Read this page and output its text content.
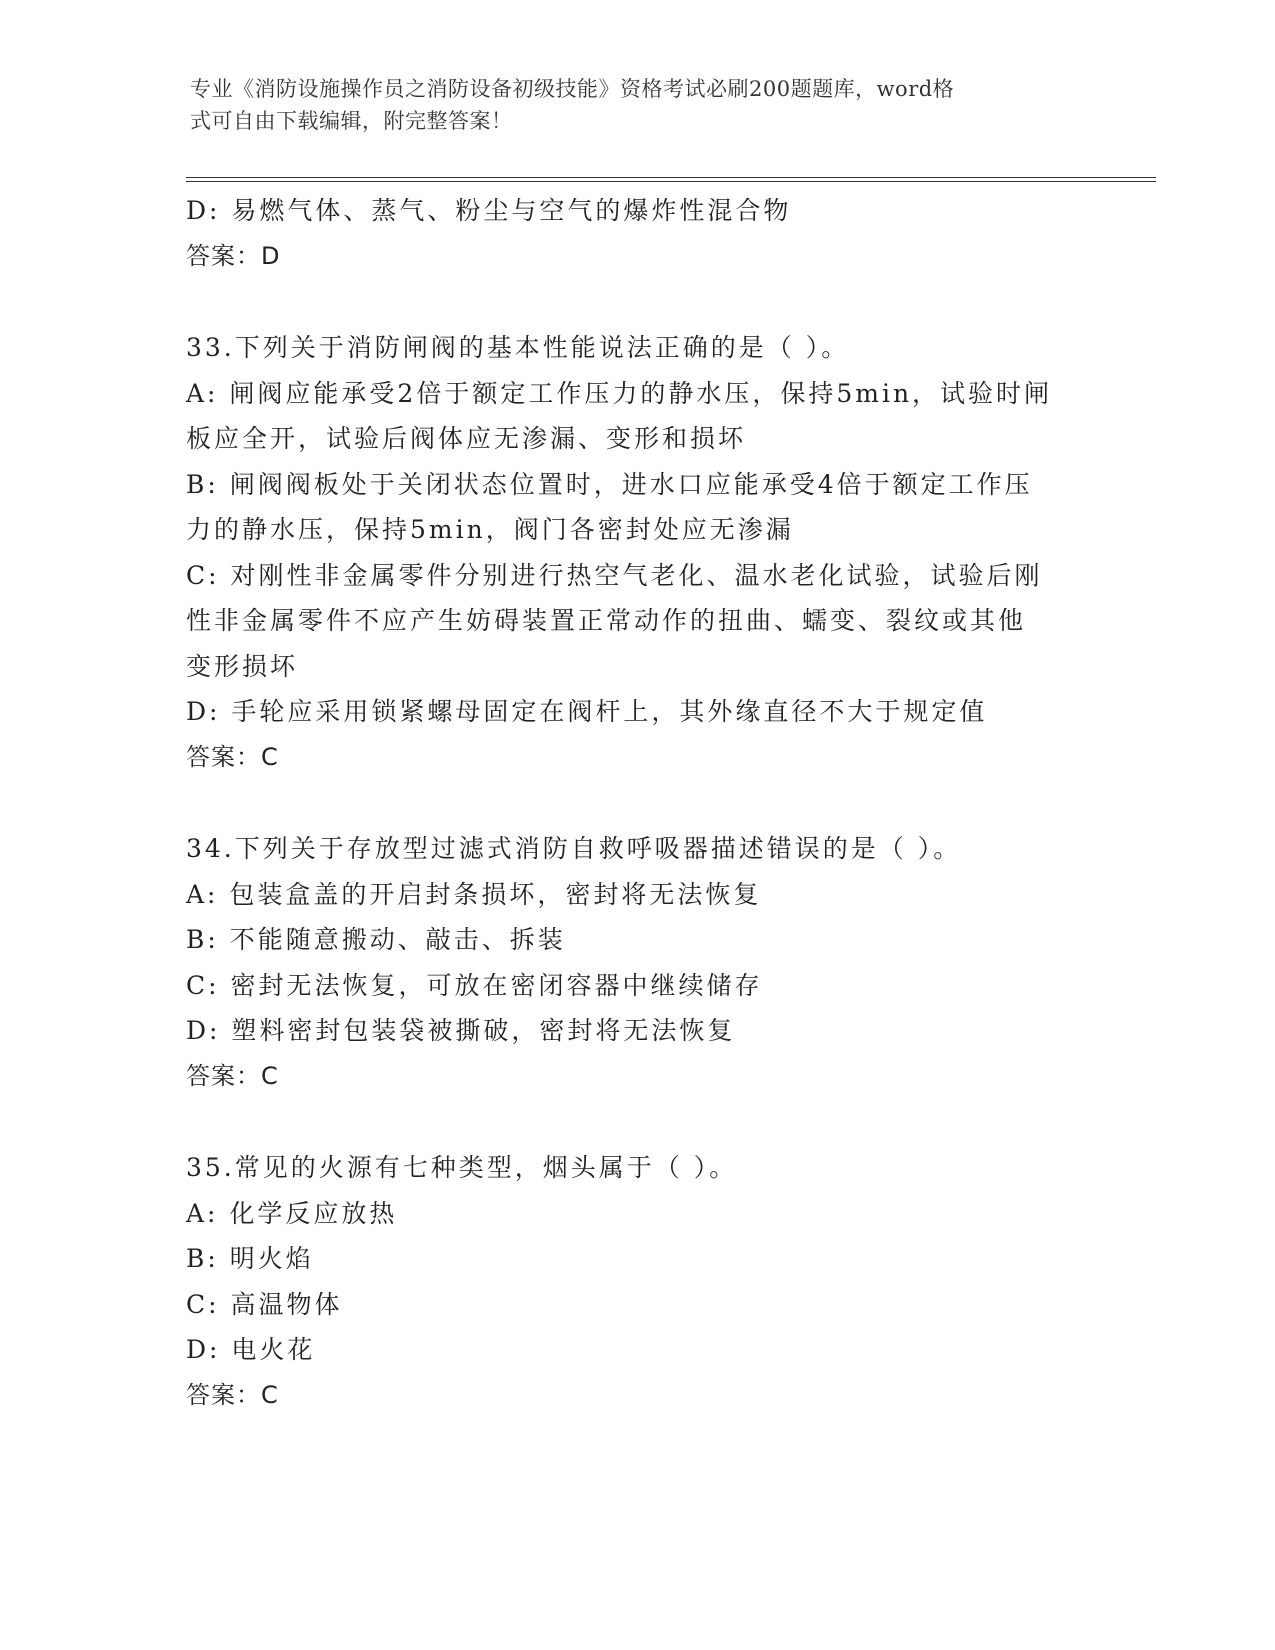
专业《消防设施操作员之消防设备初级技能》资格考试必刷200题题库，word格
式可自由下载编辑，附完整答案！

D: 易燃气体、蒸气、粉尘与空气的爆炸性混合物

答案：D

33.下列关于消防闸阀的基本性能说法正确的是（ ）。

A: 闸阀应能承受2倍于额定工作压力的静水压，保持5min，试验时闸

板应全开，试验后阀体应无渗漏、变形和损坏

B: 闸阀阀板处于关闭状态位置时，进水口应能承受4倍于额定工作压

力的静水压，保持5min，阀门各密封处应无渗漏

C: 对刚性非金属零件分别进行热空气老化、温水老化试验，试验后刚

性非金属零件不应产生妨碍装置正常动作的扭曲、蠕变、裂纹或其他

变形损坏

D: 手轮应采用锁紧螺母固定在阀杆上，其外缘直径不大于规定值

答案：C

34.下列关于存放型过滤式消防自救呼吸器描述错误的是（ ）。

A: 包装盒盖的开启封条损坏，密封将无法恢复

B: 不能随意搬动、敲击、拆装

C: 密封无法恢复，可放在密闭容器中继续储存

D: 塑料密封包装袋被撕破，密封将无法恢复

答案：C

35.常见的火源有七种类型，烟头属于（ ）。

A: 化学反应放热

B: 明火焰

C: 高温物体

D: 电火花

答案：C
